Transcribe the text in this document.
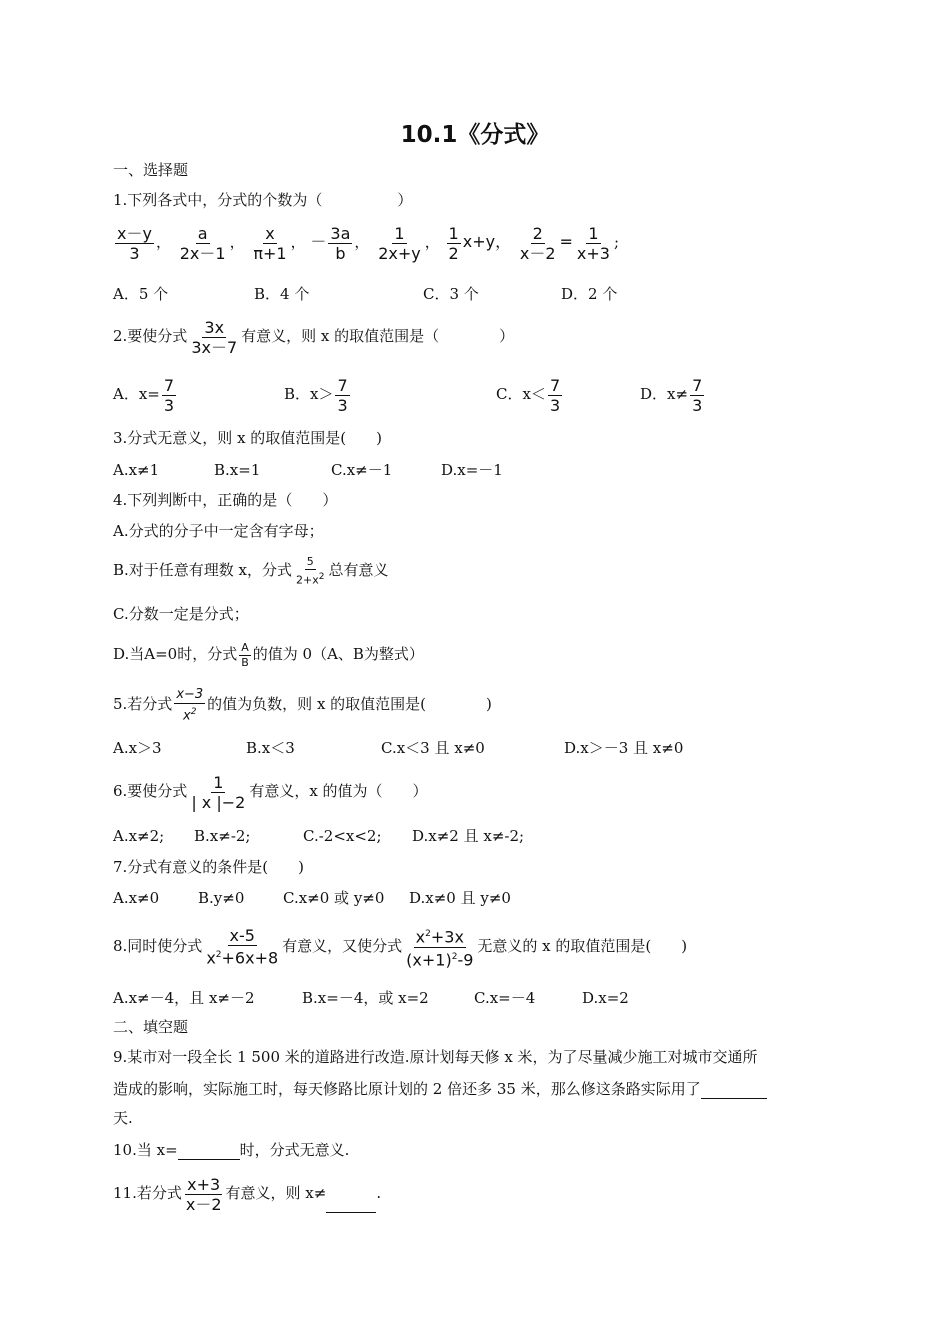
10.1《分式》
一、选择题
1.下列各式中，分式的个数为（　　　　　）
$\frac{x-y}{3}$ ， $\frac{a}{2x-1}$ ， $\frac{x}{\pi+1}$ ， － $\frac{3a}{b}$ ， $\frac{1}{2x+y}$ ， $\frac{1}{2} x+y$， $\frac{2}{x-2} = \frac{1}{x+3}$ ;
A．5 个	B．4 个	C．3 个	D．2 个
2.要使分式 $\frac{3x}{3x-7}$ 有意义，则 x 的取值范围是（　　　　）
A．$x= \frac{7}{3}$	B．$x> \frac{7}{3}$	C．$x< \frac{7}{3}$	D．$x\ne \frac{7}{3}$
3.分式无意义，则 x 的取值范围是(　　)
A.x≠1	B.x=1	C.x≠－1	D.x=－1
4.下列判断中，正确的是（　　）
A.分式的分子中一定含有字母；
B.对于任意有理数 x，分式 $\frac{5}{2+x^2}$ 总有意义
C.分数一定是分式；
D.当A=0时，分式 $\frac{A}{B}$ 的值为 0（A、B为整式）
5.若分式 $\frac{x-3}{x^2}$ 的值为负数，则 x 的取值范围是(　　　　)
A.x＞3	B.x＜3	C.x＜3 且 x≠0	D.x＞－3 且 x≠0
6.要使分式 $\frac{1}{| x |-2}$ 有意义，x 的值为（　　）
A.x≠2; B.x≠-2;	C.-2<x<2; D.x≠2 且 x≠-2;
7.分式有意义的条件是(　　)
A.x≠0	B.y≠0	C.x≠0 或 y≠0 D.x≠0 且 y≠0
8.同时使分式 $\frac{x-5}{x^2+6x+8}$ 有意义，又使分式 $\frac{x^2+3x}{(x+1)^2-9}$ 无意义的 x 的取值范围是(　　)
A.x≠－4，且 x≠－2	B.x=－4，或 x=2	C.x=－4	D.x=2
二、填空题
9.某市对一段全长 1 500 米的道路进行改造.原计划每天修 x 米，为了尽量减少施工对城市交通所
造成的影响，实际施工时，每天修路比原计划的 2 倍还多 35 米，那么修这条路实际用了
天.
10.当 x=	时，分式无意义.
11.若分式 $\frac{x+3}{x-2}$ 有意义，则 x≠	.
